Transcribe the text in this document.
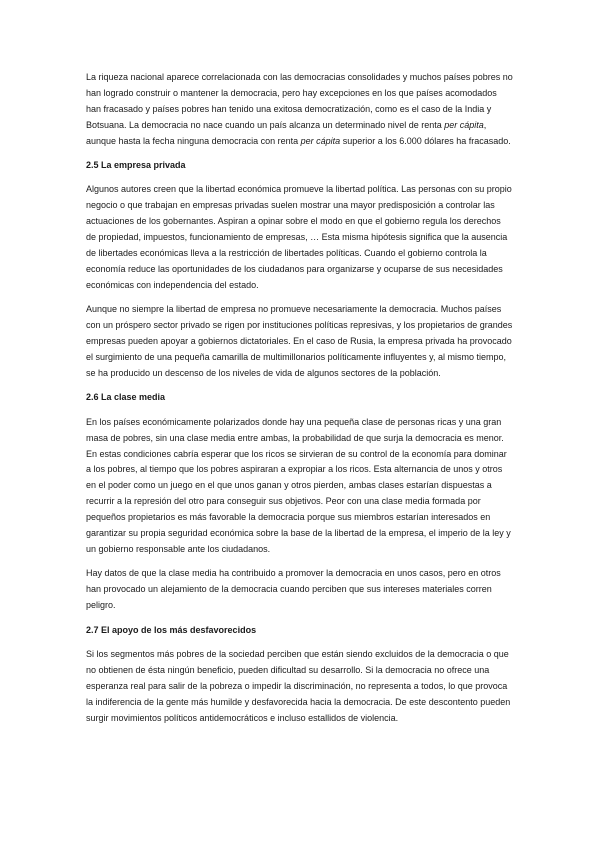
La riqueza nacional aparece correlacionada con las democracias consolidades y muchos países pobres no han logrado construir o mantener la democracia, pero hay excepciones en los que países acomodados han fracasado y países pobres han tenido una exitosa democratización, como es el caso de la India y Botsuana. La democracia no nace cuando un país alcanza un determinado nivel de renta per cápita, aunque hasta la fecha ninguna democracia con renta per cápita superior a los 6.000 dólares ha fracasado.

2.5 La empresa privada

Algunos autores creen que la libertad económica promueve la libertad política. Las personas con su propio negocio o que trabajan en empresas privadas suelen mostrar una mayor predisposición a controlar las actuaciones de los gobernantes. Aspiran a opinar sobre el modo en que el gobierno regula los derechos de propiedad, impuestos, funcionamiento de empresas, … Esta misma hipótesis significa que la ausencia de libertades económicas lleva a la restricción de libertades políticas. Cuando el gobierno controla la economía reduce las oportunidades de los ciudadanos para organizarse y ocuparse de sus necesidades económicas con independencia del estado.

Aunque no siempre la libertad de empresa no promueve necesariamente la democracia. Muchos países con un próspero sector privado se rigen por instituciones políticas represivas, y los propietarios de grandes empresas pueden apoyar a gobiernos dictatoriales. En el caso de Rusia, la empresa privada ha provocado el surgimiento de una pequeña camarilla de multimillonarios políticamente influyentes y, al mismo tiempo, se ha producido un descenso de los niveles de vida de algunos sectores de la población.

2.6 La clase media

En los países económicamente polarizados donde hay una pequeña clase de personas ricas y una gran masa de pobres, sin una clase media entre ambas, la probabilidad de que surja la democracia es menor. En estas condiciones cabría esperar que los ricos se sirvieran de su control de la economía para dominar a los pobres, al tiempo que los pobres aspiraran a expropiar a los ricos. Esta alternancia de unos y otros en el poder como un juego en el que unos ganan y otros pierden, ambas clases estarían dispuestas a recurrir a la represión del otro para conseguir sus objetivos. Peor con una clase media formada por pequeños propietarios es más favorable la democracia porque sus miembros estarían interesados en garantizar su propia seguridad económica sobre la base de la libertad de la empresa, el imperio de la ley y un gobierno responsable ante los ciudadanos.

Hay datos de que la clase media ha contribuido a promover la democracia en unos casos, pero en otros han provocado un alejamiento de la democracia cuando perciben que sus intereses materiales corren peligro.

2.7 El apoyo de los más desfavorecidos

Si los segmentos más pobres de la sociedad perciben que están siendo excluidos de la democracia o que no obtienen de ésta ningún beneficio, pueden dificultad su desarrollo. Si la democracia no ofrece una esperanza real para salir de la pobreza o impedir la discriminación, no representa a todos, lo que provoca la indiferencia de la gente más humilde y desfavorecida hacia la democracia. De este descontento pueden surgir movimientos políticos antidemocráticos e incluso estallidos de violencia.
